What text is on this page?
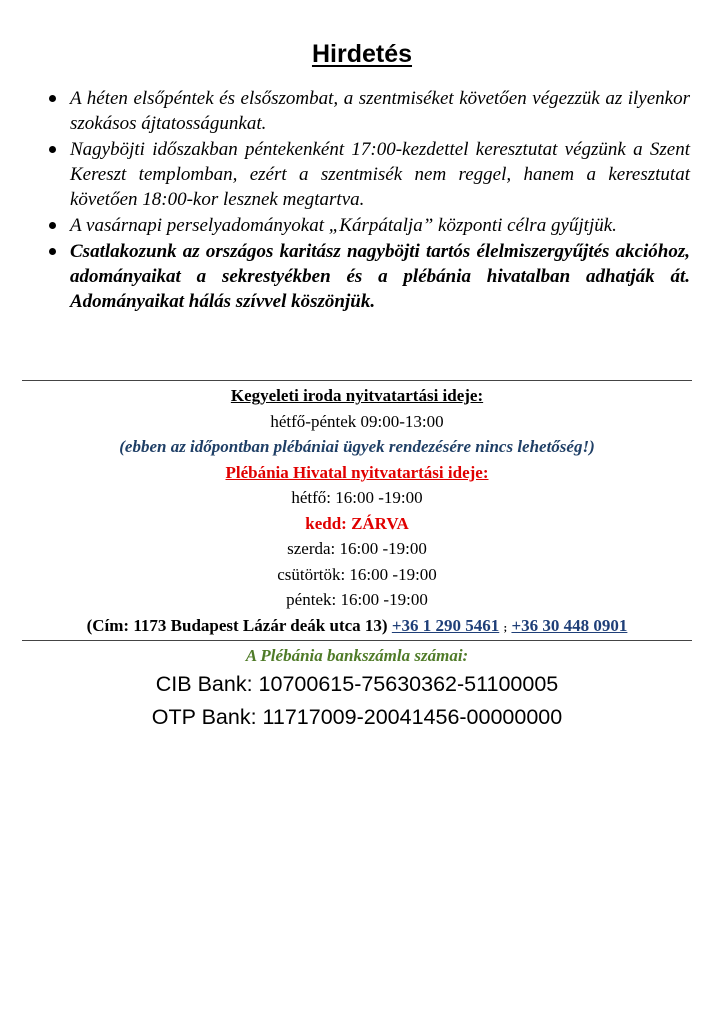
Hirdetés
A héten elsőpéntek és elsőszombat, a szentmiséket követően végezzük az ilyenkor szokásos ájtatosságunkat.
Nagyböjti időszakban péntekenként 17:00-kezdettel keresztutat végzünk a Szent Kereszt templomban, ezért a szentmisék nem reggel, hanem a keresztutat követően 18:00-kor lesznek megtartva.
A vasárnapi perselyadományokat „Kárpátalja” központi célra gyűjtjük.
Csatlakozunk az országos karitász nagyböjti tartós élelmiszergyűjtés akcióhoz, adományaikat a sekrestyékben és a plébánia hivatalban adhatják át. Adományaikat hálás szívvel köszönjük.
Kegyeleti iroda nyitvatartási ideje:
hétfő-péntek 09:00-13:00
(ebben az időpontban plébániai ügyek rendezésére nincs lehetőség!)
Plébánia Hivatal nyitvatartási ideje:
hétfő: 16:00 -19:00
kedd: ZÁRVA
szerda: 16:00 -19:00
csütörtök: 16:00 -19:00
péntek: 16:00 -19:00
(Cím: 1173 Budapest Lázár deák utca 13) +36 1 290 5461 ; +36 30 448 0901
A Plébánia bankszámla számai:
CIB Bank: 10700615-75630362-51100005
OTP Bank: 11717009-20041456-00000000
